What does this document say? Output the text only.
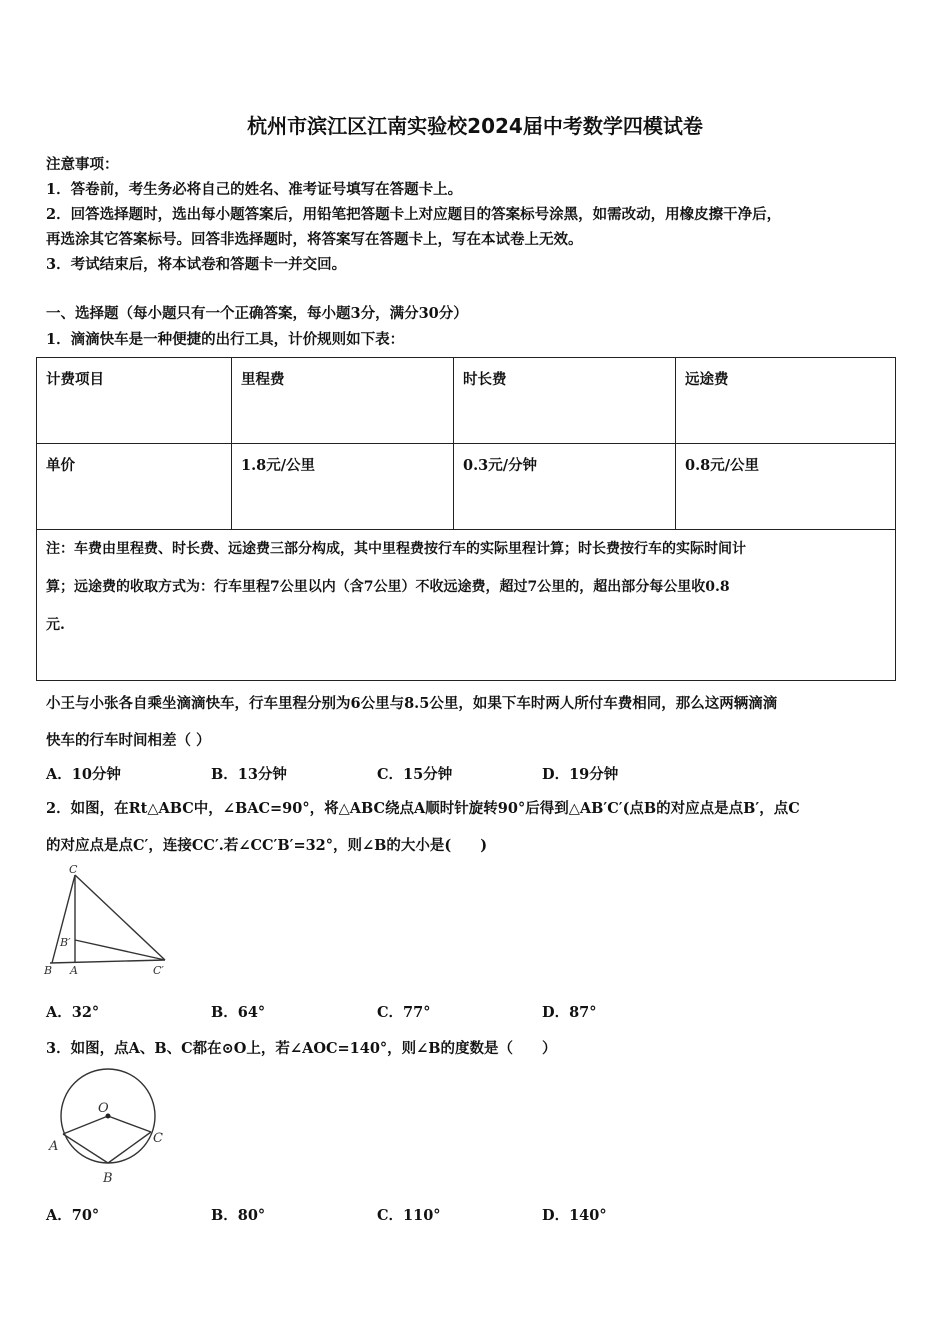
杭州市滨江区江南实验校2024届中考数学四模试卷
注意事项：
1．答卷前，考生务必将自己的姓名、准考证号填写在答题卡上。
2．回答选择题时，选出每小题答案后，用铅笔把答题卡上对应题目的答案标号涂黑，如需改动，用橡皮擦干净后，
再选涂其它答案标号。回答非选择题时，将答案写在答题卡上，写在本试卷上无效。
3．考试结束后，将本试卷和答题卡一并交回。
一、选择题（每小题只有一个正确答案，每小题3分，满分30分）
1．滴滴快车是一种便捷的出行工具，计价规则如下表：
计费项目	里程费	时长费	远途费
单价	1.8元/公里	0.3元/分钟	0.8元/公里

注：车费由里程费、时长费、远途费三部分构成，其中里程费按行车的实际里程计算；时长费按行车的实际时间计
算；远途费的收取方式为：行车里程7公里以内（含7公里）不收远途费，超过7公里的，超出部分每公里收0.8
元.			
小王与小张各自乘坐滴滴快车，行车里程分别为6公里与8.5公里，如果下车时两人所付车费相同，那么这两辆滴滴
快车的行车时间相差（ ）
A．10分钟	B．13分钟	C．15分钟	D．19分钟
2．如图，在Rt△ABC中，∠BAC=90°，将△ABC绕点A顺时针旋转90°后得到△AB′C′(点B的对应点是点B′，点C
的对应点是点C′，连接CC′.若∠CC′B′=32°，则∠B的大小是(　　)
C
B′
B A	C′
A．32°	B．64°	C．77°	D．87°
3．如图，点A、B、C都在⊙O上，若∠AOC=140°，则∠B的度数是（　　）
O
A
B
C
A．70°	B．80°	C．110°	D．140°
